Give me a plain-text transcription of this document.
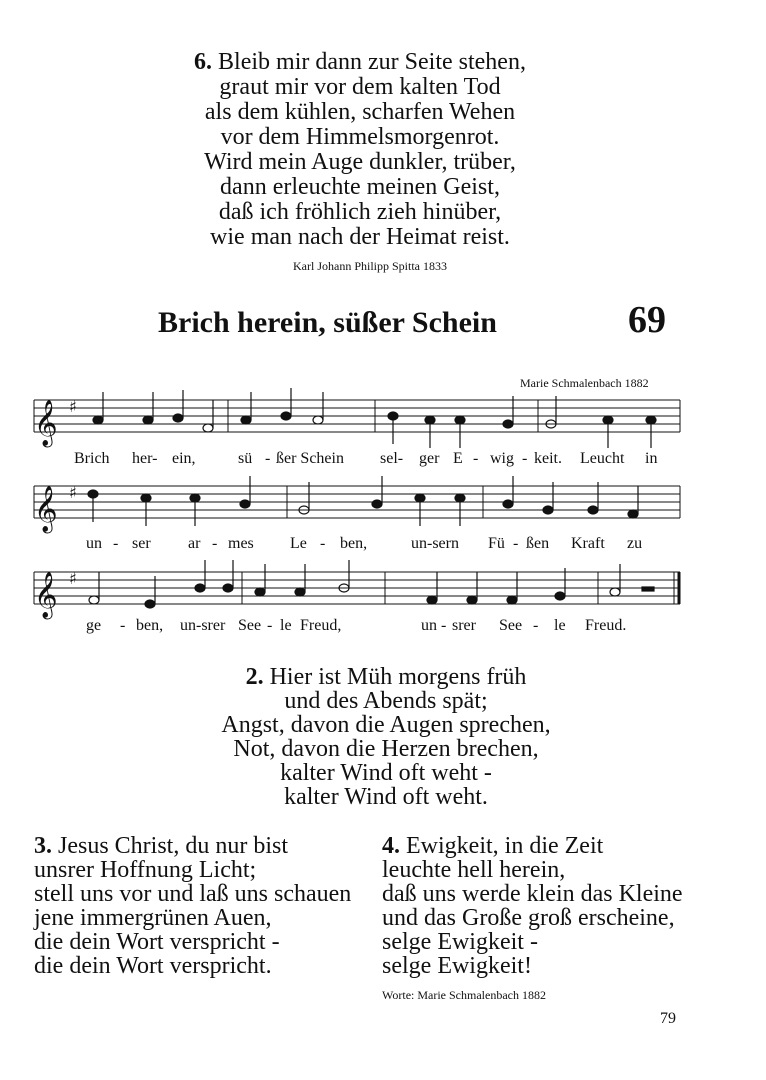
6. Bleib mir dann zur Seite stehen,
graut mir vor dem kalten Tod
als dem kühlen, scharfen Wehen
vor dem Himmelsmorgenrot.
Wird mein Auge dunkler, trüber,
dann erleuchte meinen Geist,
daß ich fröhlich zieh hinüber,
wie man nach der Heimat reist.
Karl Johann Philipp Spitta 1833
Brich herein, süßer Schein	69
Marie Schmalenbach 1882
𝄞 ♯
𝄞 ♯
𝄞 ♯
Brich her- ein,	sü - ßer Schein sel- ger E - wig - keit. Leucht in
un - ser ar - mes Le - ben,	un-sern Fü - ßen Kraft zu
ge - ben, un-srer See - le Freud,	un - srer See - le Freud.
2. Hier ist Müh morgens früh
und des Abends spät;
Angst, davon die Augen sprechen,
Not, davon die Herzen brechen,
kalter Wind oft weht -
kalter Wind oft weht.
3. Jesus Christ, du nur bist
unsrer Hoffnung Licht;
stell uns vor und laß uns schauen
jene immergrünen Auen,
die dein Wort verspricht -
die dein Wort verspricht.
4. Ewigkeit, in die Zeit
leuchte hell herein,
daß uns werde klein das Kleine
und das Große groß erscheine,
selge Ewigkeit -
selge Ewigkeit!
Worte: Marie Schmalenbach 1882
79
